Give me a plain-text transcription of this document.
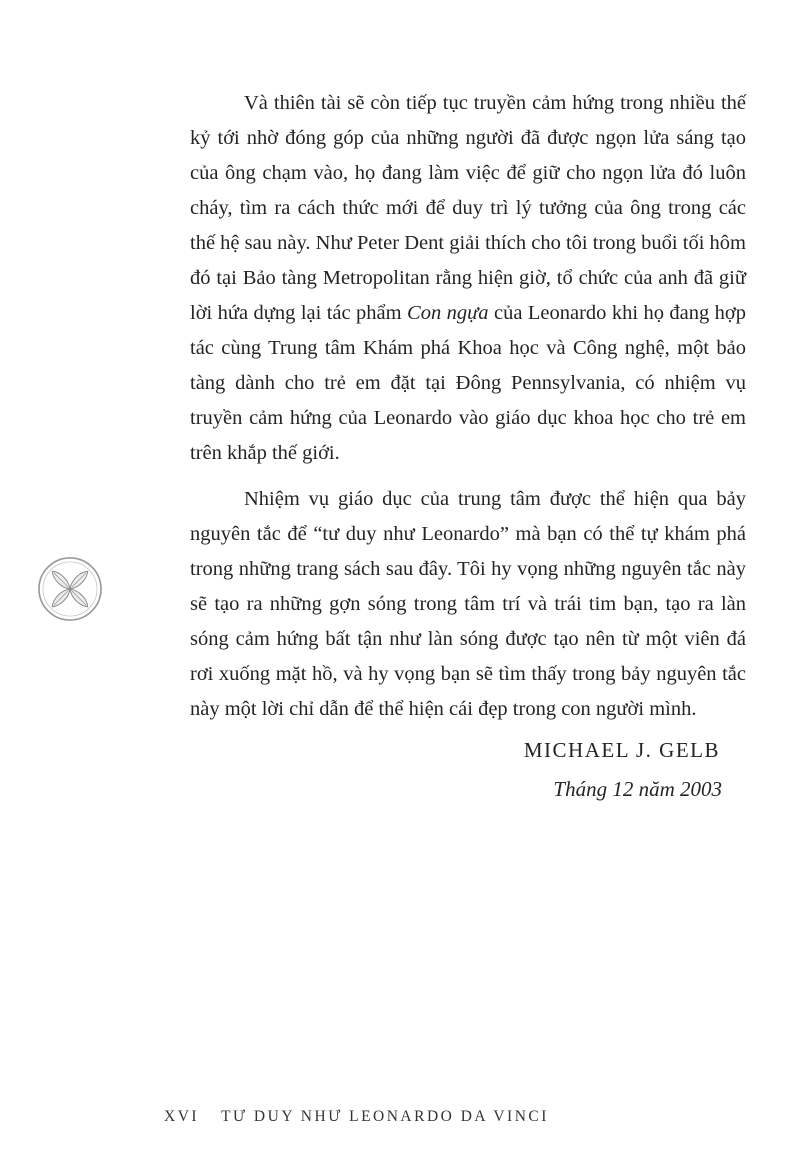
Và thiên tài sẽ còn tiếp tục truyền cảm hứng trong nhiều thế kỷ tới nhờ đóng góp của những người đã được ngọn lửa sáng tạo của ông chạm vào, họ đang làm việc để giữ cho ngọn lửa đó luôn cháy, tìm ra cách thức mới để duy trì lý tưởng của ông trong các thế hệ sau này. Như Peter Dent giải thích cho tôi trong buổi tối hôm đó tại Bảo tàng Metropolitan rằng hiện giờ, tổ chức của anh đã giữ lời hứa dựng lại tác phẩm Con ngựa của Leonardo khi họ đang hợp tác cùng Trung tâm Khám phá Khoa học và Công nghệ, một bảo tàng dành cho trẻ em đặt tại Đông Pennsylvania, có nhiệm vụ truyền cảm hứng của Leonardo vào giáo dục khoa học cho trẻ em trên khắp thế giới.

Nhiệm vụ giáo dục của trung tâm được thể hiện qua bảy nguyên tắc để “tư duy như Leonardo” mà bạn có thể tự khám phá trong những trang sách sau đây. Tôi hy vọng những nguyên tắc này sẽ tạo ra những gợn sóng trong tâm trí và trái tim bạn, tạo ra làn sóng cảm hứng bất tận như làn sóng được tạo nên từ một viên đá rơi xuống mặt hồ, và hy vọng bạn sẽ tìm thấy trong bảy nguyên tắc này một lời chỉ dẫn để thể hiện cái đẹp trong con người mình.

MICHAEL J. GELB
Tháng 12 năm 2003
XVI TƯ DUY NHƯ LEONARDO DA VINCI
